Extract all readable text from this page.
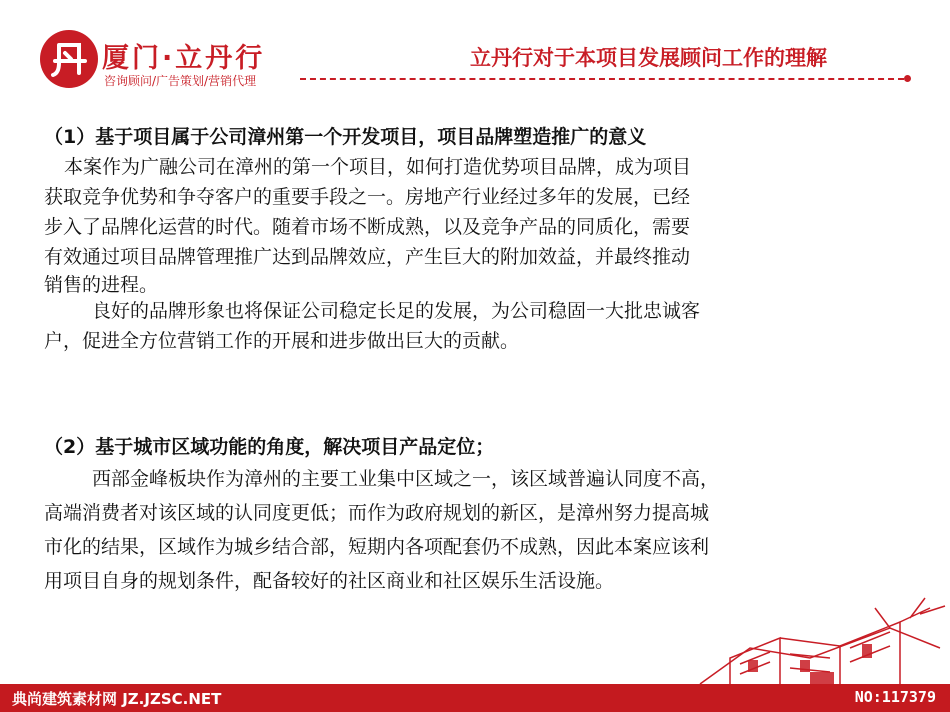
厦门·立丹行
咨询顾问/广告策划/营销代理
立丹行对于本项目发展顾问工作的理解
（1）基于项目属于公司漳州第一个开发项目，项目品牌塑造推广的意义
本案作为广融公司在漳州的第一个项目，如何打造优势项目品牌，成为项目
获取竞争优势和争夺客户的重要手段之一。房地产行业经过多年的发展，已经
步入了品牌化运营的时代。随着市场不断成熟，以及竞争产品的同质化，需要
有效通过项目品牌管理推广达到品牌效应，产生巨大的附加效益，并最终推动
销售的进程。
良好的品牌形象也将保证公司稳定长足的发展，为公司稳固一大批忠诚客
户，促进全方位营销工作的开展和进步做出巨大的贡献。
（2）基于城市区域功能的角度，解决项目产品定位；
西部金峰板块作为漳州的主要工业集中区域之一，该区域普遍认同度不高，
高端消费者对该区域的认同度更低；而作为政府规划的新区，是漳州努力提高城
市化的结果，区域作为城乡结合部，短期内各项配套仍不成熟，因此本案应该利
用项目自身的规划条件，配备较好的社区商业和社区娱乐生活设施。
典尚建筑素材网 JZ.JZSC.NET	NO:117379
